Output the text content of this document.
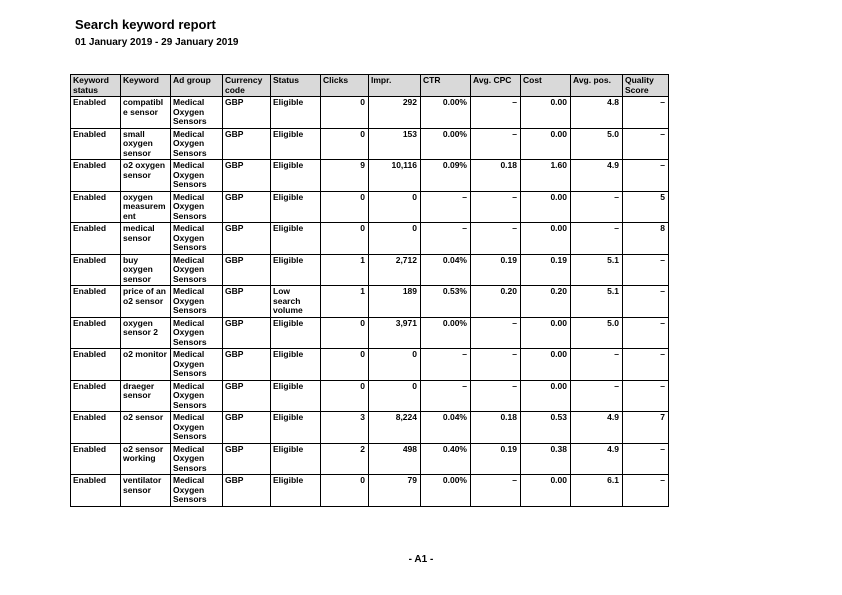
Search keyword report
01 January 2019 - 29 January 2019
Keyword status	Keyword	Ad group	Currency code	Status	Clicks	Impr.	CTR	Avg. CPC	Cost	Avg. pos.	Quality Score
Enabled	compatible sensor	Medical Oxygen Sensors	GBP	Eligible	0	292	0.00%	–	0.00	4.8	–
Enabled	small oxygen sensor	Medical Oxygen Sensors	GBP	Eligible	0	153	0.00%	–	0.00	5.0	–
Enabled	o2 oxygen sensor	Medical Oxygen Sensors	GBP	Eligible	9	10,116	0.09%	0.18	1.60	4.9	–
Enabled	oxygen measurement	Medical Oxygen Sensors	GBP	Eligible	0	0	–	–	0.00	–	5
Enabled	medical sensor	Medical Oxygen Sensors	GBP	Eligible	0	0	–	–	0.00	–	8
Enabled	buy oxygen sensor	Medical Oxygen Sensors	GBP	Eligible	1	2,712	0.04%	0.19	0.19	5.1	–
Enabled	price of an o2 sensor	Medical Oxygen Sensors	GBP	Low search volume	1	189	0.53%	0.20	0.20	5.1	–
Enabled	oxygen sensor 2	Medical Oxygen Sensors	GBP	Eligible	0	3,971	0.00%	–	0.00	5.0	–
Enabled	o2 monitor	Medical Oxygen Sensors	GBP	Eligible	0	0	–	–	0.00	–	–
Enabled	draeger sensor	Medical Oxygen Sensors	GBP	Eligible	0	0	–	–	0.00	–	–
Enabled	o2 sensor	Medical Oxygen Sensors	GBP	Eligible	3	8,224	0.04%	0.18	0.53	4.9	7
Enabled	o2 sensor working	Medical Oxygen Sensors	GBP	Eligible	2	498	0.40%	0.19	0.38	4.9	–
Enabled	ventilator sensor	Medical Oxygen Sensors	GBP	Eligible	0	79	0.00%	–	0.00	6.1	–
- A1 -
